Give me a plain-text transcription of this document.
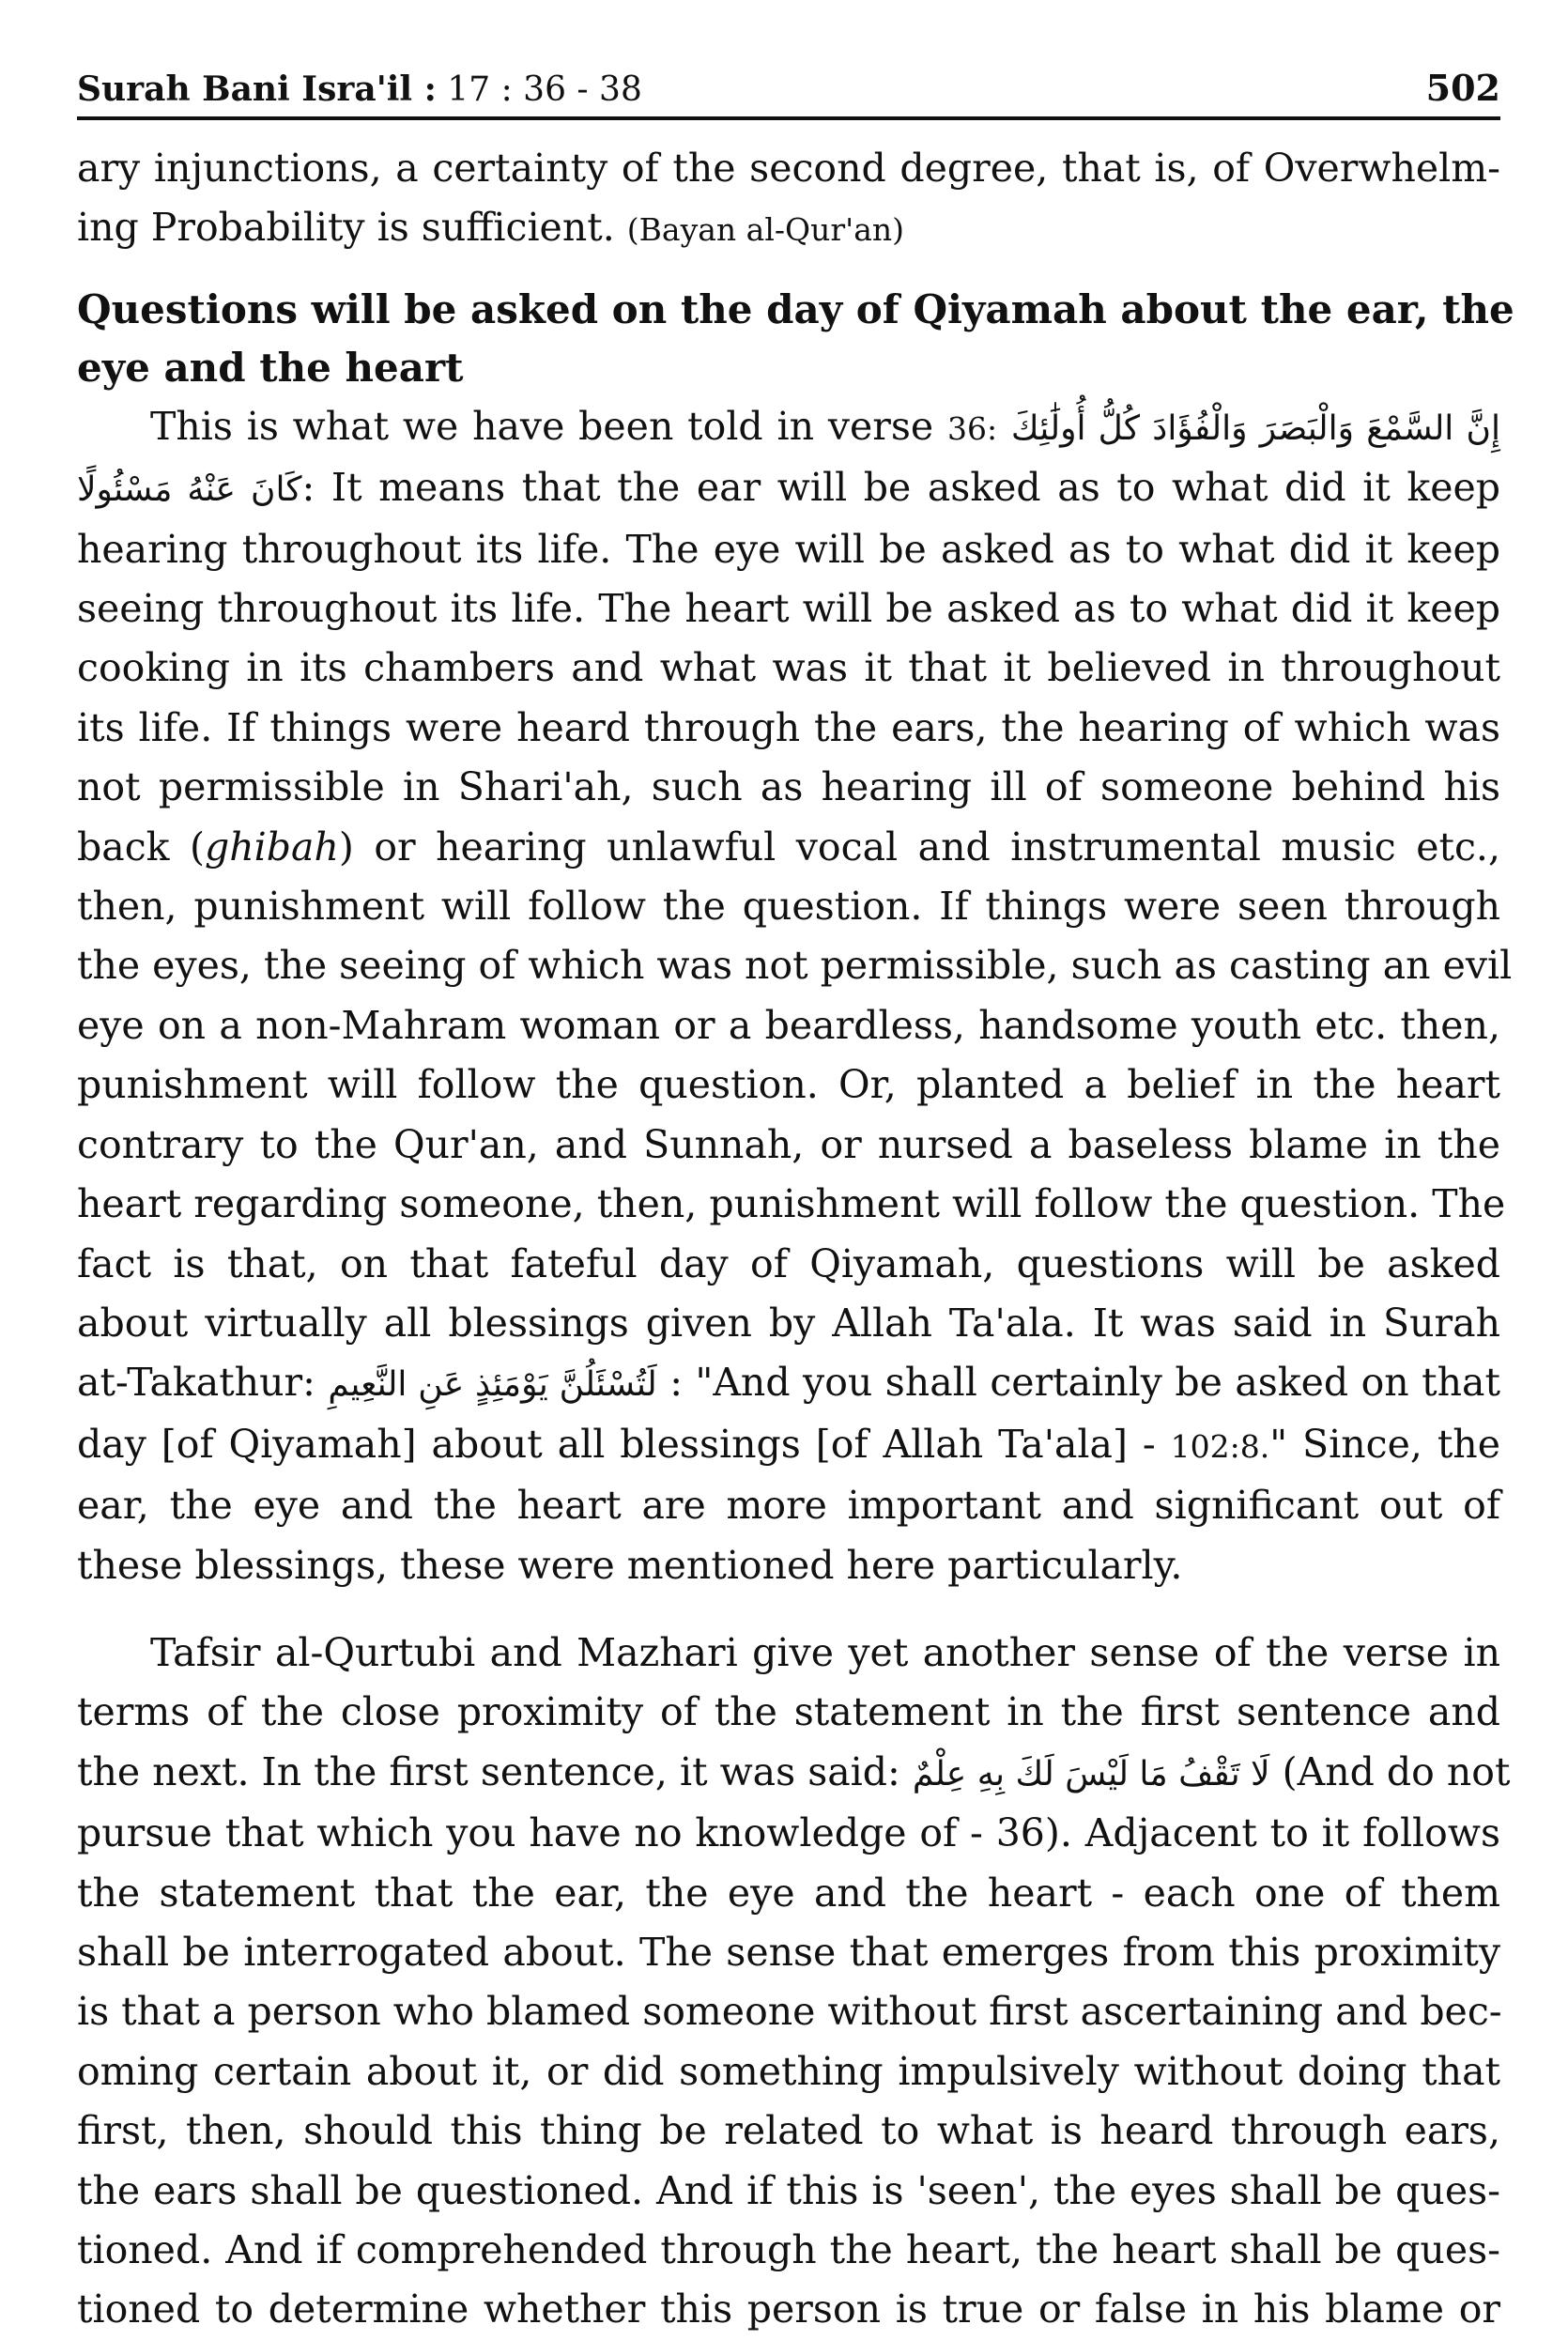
Surah Bani Isra'il : 17 : 36 - 38	502
ary injunctions, a certainty of the second degree, that is, of Overwhelm-
ing Probability is sufficient. (Bayan al-Qur'an)
Questions will be asked on the day of Qiyamah about the ear, the
eye and the heart
This is what we have been told in verse 36: إِنَّ السَّمْعَ وَالْبَصَرَ وَالْفُؤَادَ كُلُّ أُولَٰئِكَ
كَانَ عَنْهُ مَسْئُولًا: It means that the ear will be asked as to what did it keep
hearing throughout its life. The eye will be asked as to what did it keep
seeing throughout its life. The heart will be asked as to what did it keep
cooking in its chambers and what was it that it believed in throughout
its life. If things were heard through the ears, the hearing of which was
not permissible in Shari'ah, such as hearing ill of someone behind his
back (ghibah) or hearing unlawful vocal and instrumental music etc.,
then, punishment will follow the question. If things were seen through
the eyes, the seeing of which was not permissible, such as casting an evil
eye on a non-Mahram woman or a beardless, handsome youth etc. then,
punishment will follow the question. Or, planted a belief in the heart
contrary to the Qur'an, and Sunnah, or nursed a baseless blame in the
heart regarding someone, then, punishment will follow the question. The
fact is that, on that fateful day of Qiyamah, questions will be asked
about virtually all blessings given by Allah Ta'ala. It was said in Surah
at-Takathur: لَتُسْئَلُنَّ يَوْمَئِذٍ عَنِ النَّعِيمِ : "And you shall certainly be asked on that
day [of Qiyamah] about all blessings [of Allah Ta'ala] - 102:8." Since, the
ear, the eye and the heart are more important and significant out of
these blessings, these were mentioned here particularly.
Tafsir al-Qurtubi and Mazhari give yet another sense of the verse in
terms of the close proximity of the statement in the first sentence and
the next. In the first sentence, it was said: لَا تَقْفُ مَا لَيْسَ لَكَ بِهِ عِلْمٌ (And do not
pursue that which you have no knowledge of - 36). Adjacent to it follows
the statement that the ear, the eye and the heart - each one of them
shall be interrogated about. The sense that emerges from this proximity
is that a person who blamed someone without first ascertaining and bec-
oming certain about it, or did something impulsively without doing that
first, then, should this thing be related to what is heard through ears,
the ears shall be questioned. And if this is 'seen', the eyes shall be ques-
tioned. And if comprehended through the heart, the heart shall be ques-
tioned to determine whether this person is true or false in his blame or
